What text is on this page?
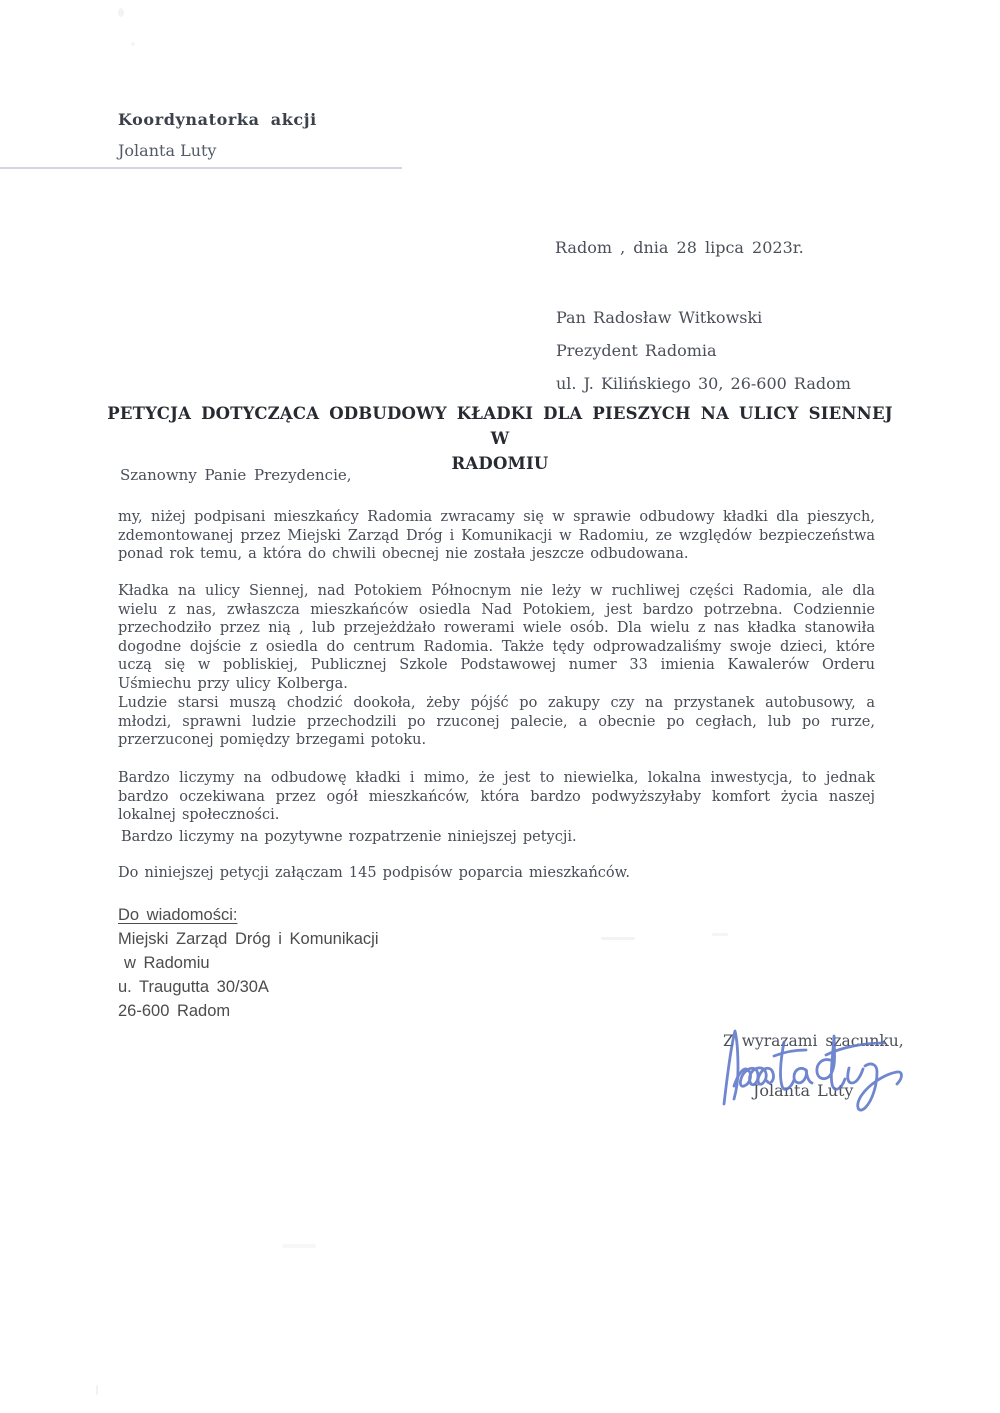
Koordynatorka akcji
Jolanta Luty
Radom , dnia 28 lipca 2023r.
Pan Radosław Witkowski
Prezydent Radomia
ul. J. Kilińskiego 30, 26-600 Radom
PETYCJA DOTYCZĄCA ODBUDOWY KŁADKI DLA PIESZYCH NA ULICY SIENNEJ W
RADOMIU
Szanowny Panie Prezydencie,

my, niżej podpisani mieszkańcy Radomia zwracamy się w sprawie odbudowy kładki dla pieszych, zdemontowanej przez Miejski Zarząd Dróg i Komunikacji w Radomiu, ze względów bezpieczeństwa ponad rok temu, a która do chwili obecnej nie została jeszcze odbudowana.

Kładka na ulicy Siennej, nad Potokiem Północnym nie leży w ruchliwej części Radomia, ale dla wielu z nas, zwłaszcza mieszkańców osiedla Nad Potokiem, jest bardzo potrzebna. Codziennie przechodziło przez nią , lub przejeżdżało rowerami wiele osób. Dla wielu z nas kładka stanowiła dogodne dojście z osiedla do centrum Radomia. Także tędy odprowadzaliśmy swoje dzieci, które uczą się w pobliskiej, Publicznej Szkole Podstawowej numer 33 imienia Kawalerów Orderu Uśmiechu przy ulicy Kolberga.

Ludzie starsi muszą chodzić dookoła, żeby pójść po zakupy czy na przystanek autobusowy, a młodzi, sprawni ludzie przechodzili po rzuconej palecie, a obecnie po cegłach, lub po rurze, przerzuconej pomiędzy brzegami potoku.

Bardzo liczymy na odbudowę kładki i mimo, że jest to niewielka, lokalna inwestycja, to jednak bardzo oczekiwana przez ogół mieszkańców, która bardzo podwyższyłaby komfort życia naszej lokalnej społeczności.

Bardzo liczymy na pozytywne rozpatrzenie niniejszej petycji.

Do niniejszej petycji załączam 145 podpisów poparcia mieszkańców.

Do wiadomości:
Miejski Zarząd Dróg i Komunikacji
w Radomiu
u. Traugutta 30/30A
26-600 Radom
Z wyrazami szacunku,
Jolanta Luty
